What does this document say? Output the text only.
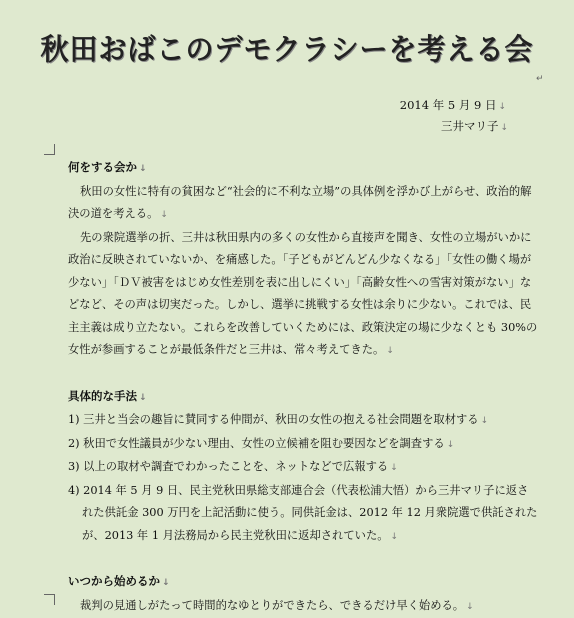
秋田おばこのデモクラシーを考える会
↵
2014 年 5 月 9 日 ↓
三井マリ子 ↓
何をする会か ↓
秋田の女性に特有の貧困など“社会的に不利な立場”の具体例を浮かび上がらせ、政治的解決の道を考える。 ↓
先の衆院選挙の折、三井は秋田県内の多くの女性から直接声を聞き、女性の立場がいかに政治に反映されていないか、を痛感した。「子どもがどんどん少なくなる」「女性の働く場が少ない」「ＤＶ被害をはじめ女性差別を表に出しにくい」「高齢女性への雪害対策がない」などなど、その声は切実だった。しかし、選挙に挑戦する女性は余りに少ない。これでは、民主主義は成り立たない。これらを改善していくためには、政策決定の場に少なくとも 30%の女性が参画することが最低条件だと三井は、常々考えてきた。 ↓
具体的な手法 ↓
1) 三井と当会の趣旨に賛同する仲間が、秋田の女性の抱える社会問題を取材する ↓
2) 秋田で女性議員が少ない理由、女性の立候補を阻む要因などを調査する ↓
3) 以上の取材や調査でわかったことを、ネットなどで広報する ↓
4) 2014 年 5 月 9 日、民主党秋田県総支部連合会（代表松浦大悟）から三井マリ子に返された供託金 300 万円を上記活動に使う。同供託金は、2012 年 12 月衆院選で供託されたが、2013 年 1 月法務局から民主党秋田に返却されていた。 ↓
いつから始めるか ↓
裁判の見通しがたって時間的なゆとりができたら、できるだけ早く始める。 ↓
